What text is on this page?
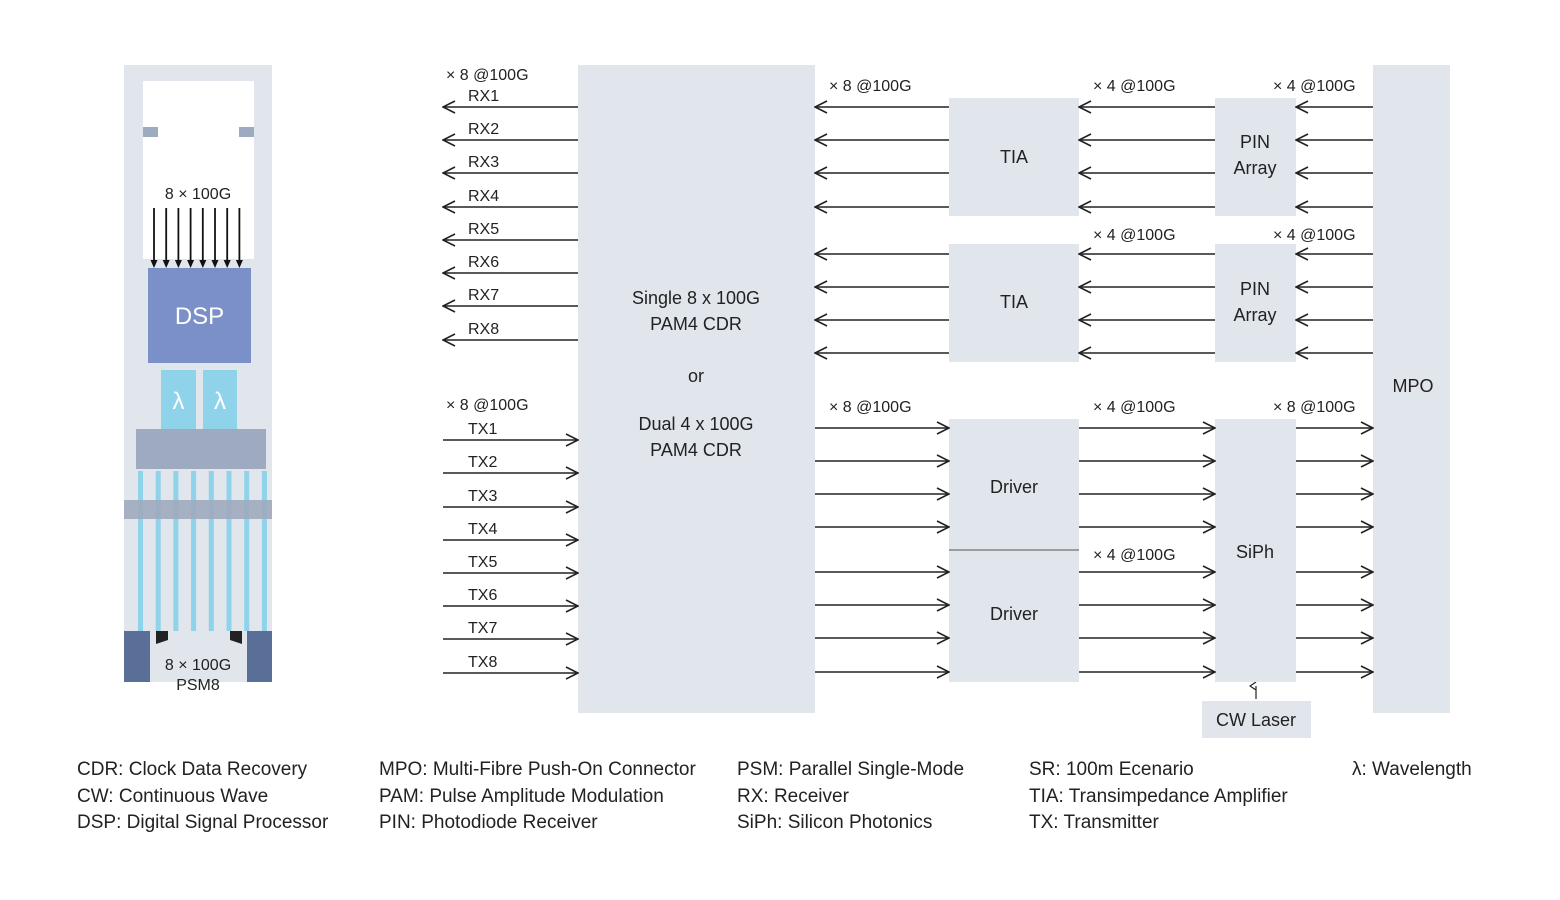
8 × 100G
DSP
λ λ
8 × 100G
PSM8
Single 8 x 100G
PAM4 CDR
or
Dual 4 x 100G
PAM4 CDR
TIA
TIA
PIN
Array
PIN
Array
Driver
Driver
SiPh
CW Laser
MPO
× 8 @100G
× 8 @100G
× 8 @100G	× 4 @100G	× 4 @100G
× 4 @100G	× 4 @100G
× 8 @100G	× 4 @100G
× 4 @100G
× 8 @100G
RX1
RX2
RX3
RX4
RX5
RX6
RX7
RX8
TX1
TX2
TX3
TX4
TX5
TX6
TX7
TX8
CDR: Clock Data Recovery
CW: Continuous Wave
DSP: Digital Signal Processor
MPO: Multi-Fibre Push-On Connector
PAM: Pulse Amplitude Modulation
PIN: Photodiode Receiver
PSM: Parallel Single-Mode
RX: Receiver
SiPh: Silicon Photonics
SR: 100m Ecenario
TIA: Transimpedance Amplifier
TX: Transmitter
λ: Wavelength
